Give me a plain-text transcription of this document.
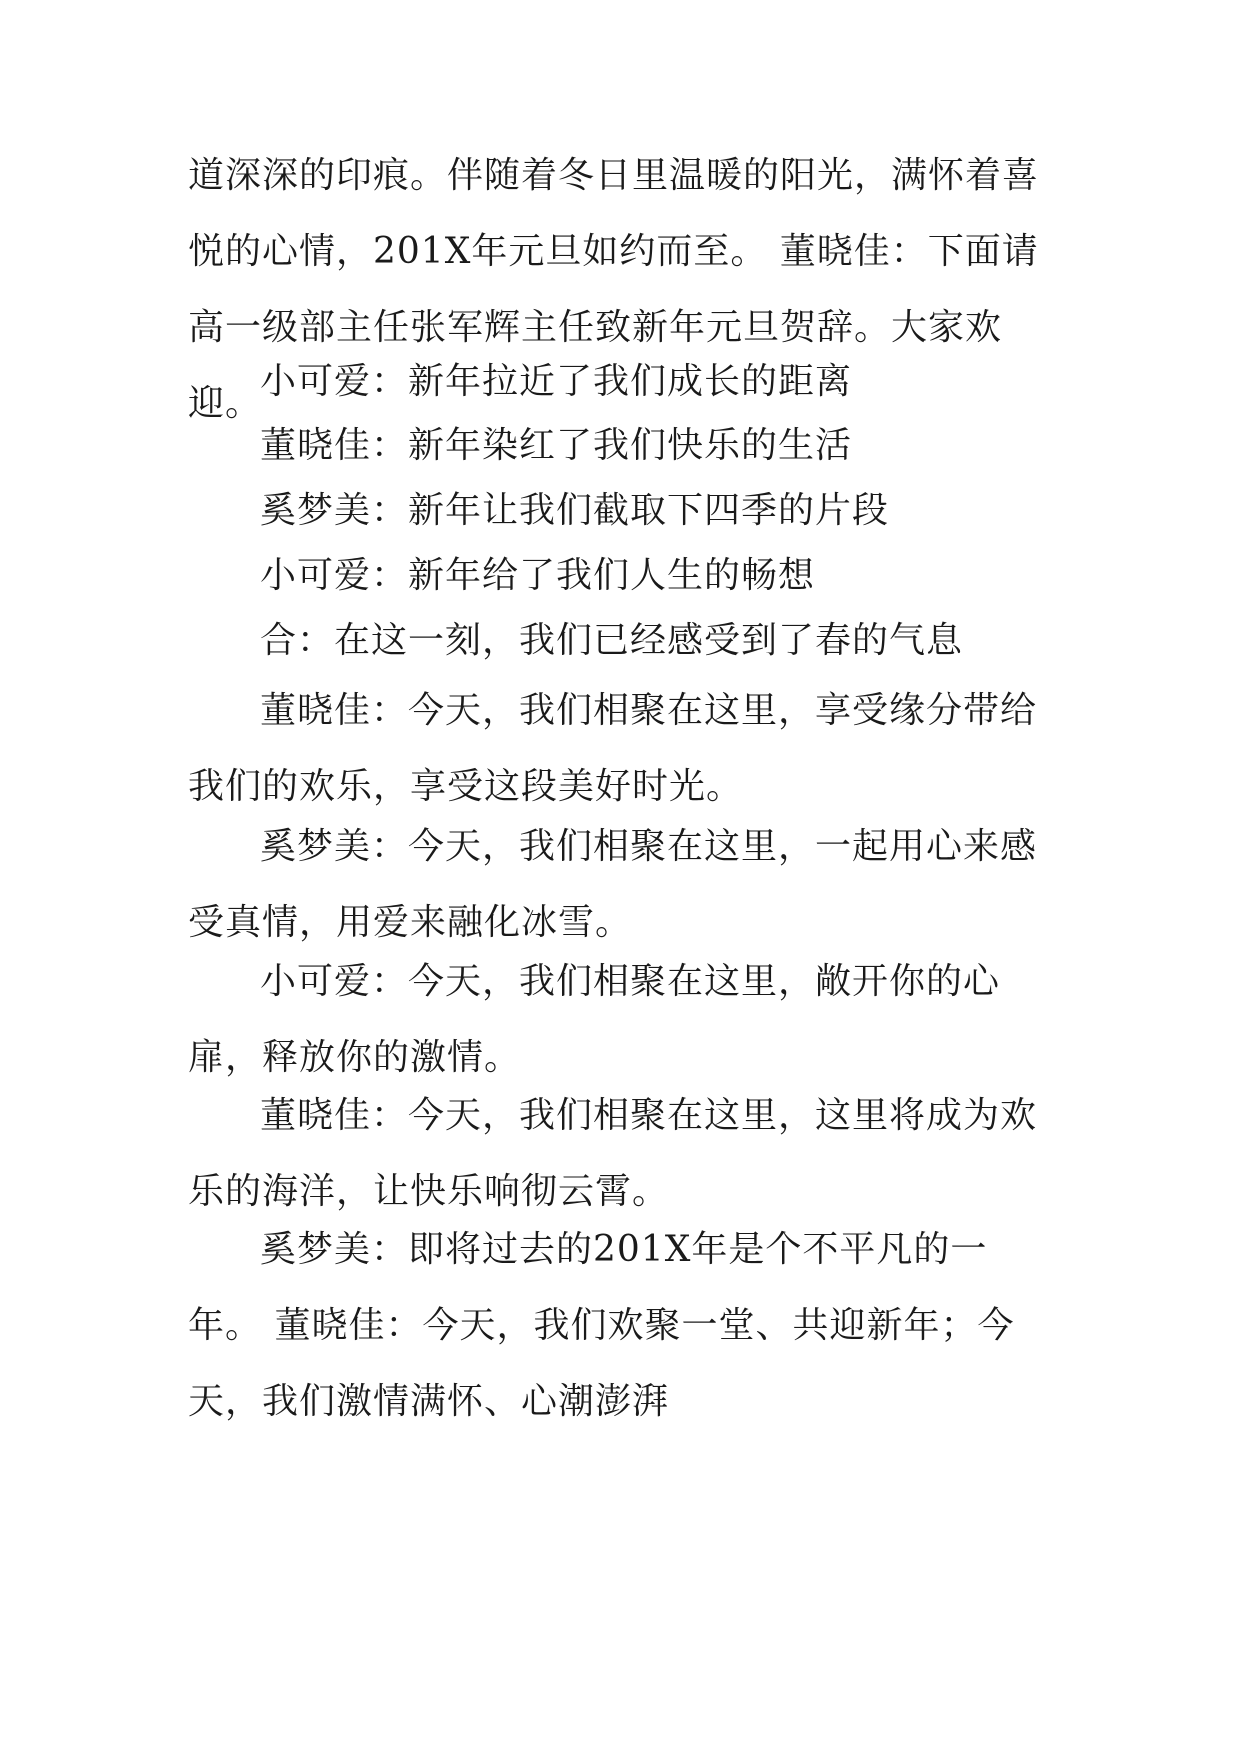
道深深的印痕。伴随着冬日里温暖的阳光，满怀着喜悦的心情，201X年元旦如约而至。 董晓佳：下面请高一级部主任张军辉主任致新年元旦贺辞。大家欢迎。

小可爱：新年拉近了我们成长的距离

董晓佳：新年染红了我们快乐的生活

奚梦美：新年让我们截取下四季的片段

小可爱：新年给了我们人生的畅想

合：在这一刻，我们已经感受到了春的气息

董晓佳：今天，我们相聚在这里，享受缘分带给我们的欢乐，享受这段美好时光。

奚梦美：今天，我们相聚在这里，一起用心来感受真情，用爱来融化冰雪。

小可爱：今天，我们相聚在这里，敞开你的心扉，释放你的激情。

董晓佳：今天，我们相聚在这里，这里将成为欢乐的海洋，让快乐响彻云霄。

奚梦美：即将过去的201X年是个不平凡的一年。 董晓佳：今天，我们欢聚一堂、共迎新年；今天，我们激情满怀、心潮澎湃
